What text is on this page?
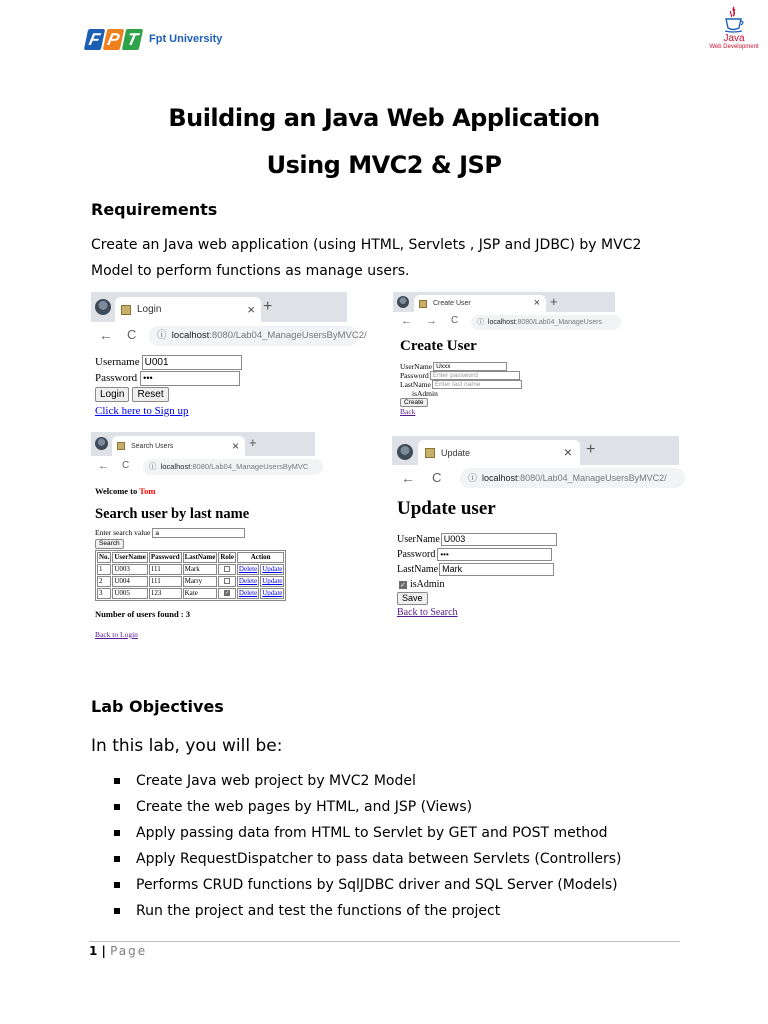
F P T Fpt University	Java
Web Development
Building an Java Web Application
Using MVC2 & JSP
Requirements
Create an Java web application (using HTML, Servlets , JSP and JDBC) by MVC2
Model to perform functions as manage users.
Login	× +
← C	ⓘ localhost:8080/Lab04_ManageUsersByMVC2/
Username U001
Password •••
Login	Reset
Click here to Sign up
Create User	× +
← → C	ⓘ localhost:8080/Lab04_ManageUsers
Create User
UserName Uxxx
Password Enter password
LastName Enter last name
isAdmin
Create
Back
Search Users	× +
← C	ⓘ localhost:8080/Lab04_ManageUsersByMVC
Welcome to Tom
Search user by last name
Enter search value a
Search
No.	UserName	Password	LastName	Role	Action	
1	U003	111	Mark		Delete	Update
2	U004	111	Marry		Delete	Update
3	U005	123	Kate	✓	Delete	Update
Number of users found : 3
Back to Login
Update	× +
← C	ⓘ localhost:8080/Lab04_ManageUsersByMVC2/
Update user
UserName U003
Password •••
LastName Mark
✓ isAdmin
Save
Back to Search
Lab Objectives
In this lab, you will be:
Create Java web project by MVC2 Model
Create the web pages by HTML, and JSP (Views)
Apply passing data from HTML to Servlet by GET and POST method
Apply RequestDispatcher to pass data between Servlets (Controllers)
Performs CRUD functions by SqlJDBC driver and SQL Server (Models)
Run the project and test the functions of the project
1 | Page
